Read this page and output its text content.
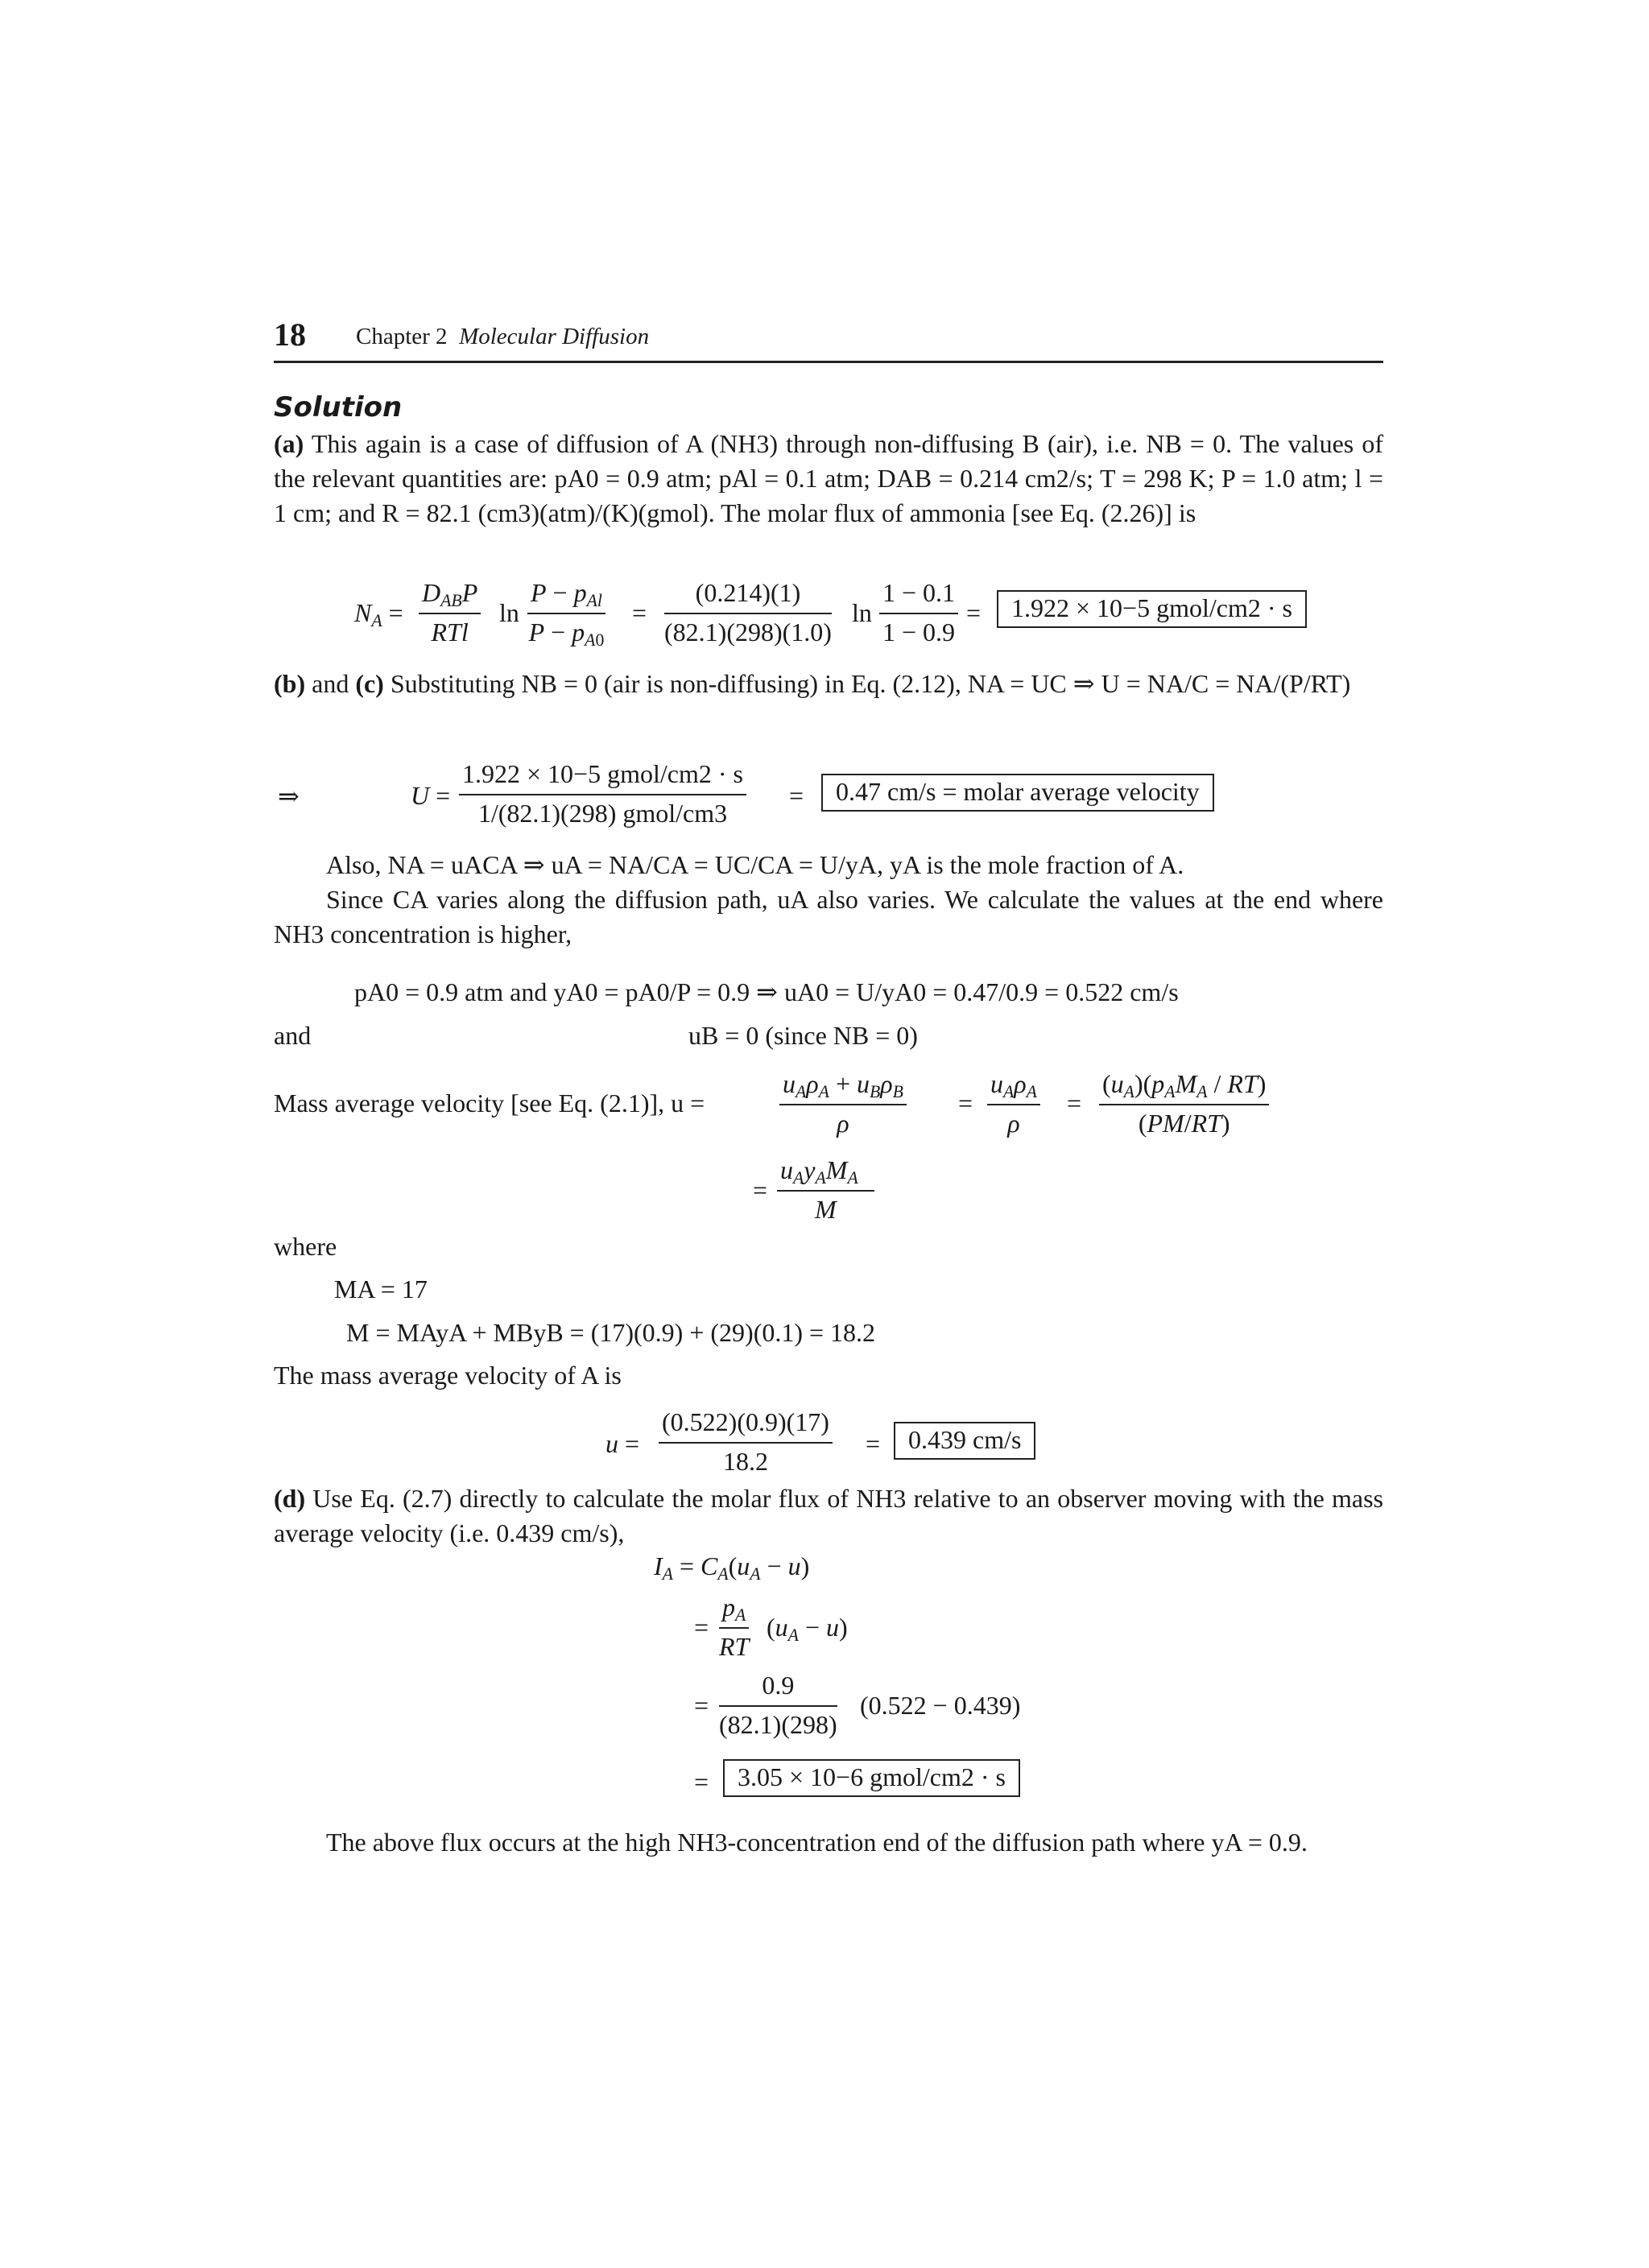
18 Chapter 2 Molecular Diffusion
Solution
(a) This again is a case of diffusion of A (NH3) through non-diffusing B (air), i.e. NB = 0. The values of the relevant quantities are: pA0 = 0.9 atm; pAl = 0.1 atm; DAB = 0.214 cm2/s; T = 298 K; P = 1.0 atm; l = 1 cm; and R = 82.1 (cm3)(atm)/(K)(gmol). The molar flux of ammonia [see Eq. (2.26)] is
$N_A$ =
$D_{AB}P$
RTl
ln
$P - p_{Al}$
$P - p_{A0}$
= $\frac{(0.214)(1)}{(82.1)(298)(1.0)}$ $\ln \frac{1 - 0.1}{1 - 0.9}$ =	1.922 × 10−5 gmol/cm2 · s
(b) and (c) Substituting NB = 0 (air is non-diffusing) in Eq. (2.12), NA = UC ⇒ U = NA/C = NA/(P/RT)
⇒	U =
1.922 × 10−5 gmol/cm2 · s
1/(82.1)(298) gmol/cm3
=	0.47 cm/s = molar average velocity
Also, NA = uACA ⇒ uA = NA/CA = UC/CA = U/yA, yA is the mole fraction of A.
Since CA varies along the diffusion path, uA also varies. We calculate the values at the end where NH3 concentration is higher,
pA0 = 0.9 atm and yA0 = pA0/P = 0.9 ⇒ uA0 = U/yA0 = 0.47/0.9 = 0.522 cm/s
and	uB = 0 (since NB = 0)
Mass average velocity [see Eq. (2.1)], u =
$u_A\rho_A + u_B\rho_B$
ρ
=
$u_A\rho_A$
ρ
=
$(u_A)(p_AM_A / RT)$
(PM/RT)
=
$u_Ay_AM_A$
M
where
MA = 17
M = MAyA + MByB = (17)(0.9) + (29)(0.1) = 18.2
The mass average velocity of A is
$u = \frac{(0.522)(0.9)(17)}{18.2}$ =	0.439 cm/s
(d) Use Eq. (2.7) directly to calculate the molar flux of NH3 relative to an observer moving with the mass average velocity (i.e. 0.439 cm/s),
$I_A = C_A(u_A - u)$
= $\frac{p_A}{RT} (u_A - u)$
= $\frac{0.9}{(82.1)(298)} (0.522 - 0.439)$
=	3.05 × 10−6 gmol/cm2 · s
The above flux occurs at the high NH3-concentration end of the diffusion path where yA = 0.9.
